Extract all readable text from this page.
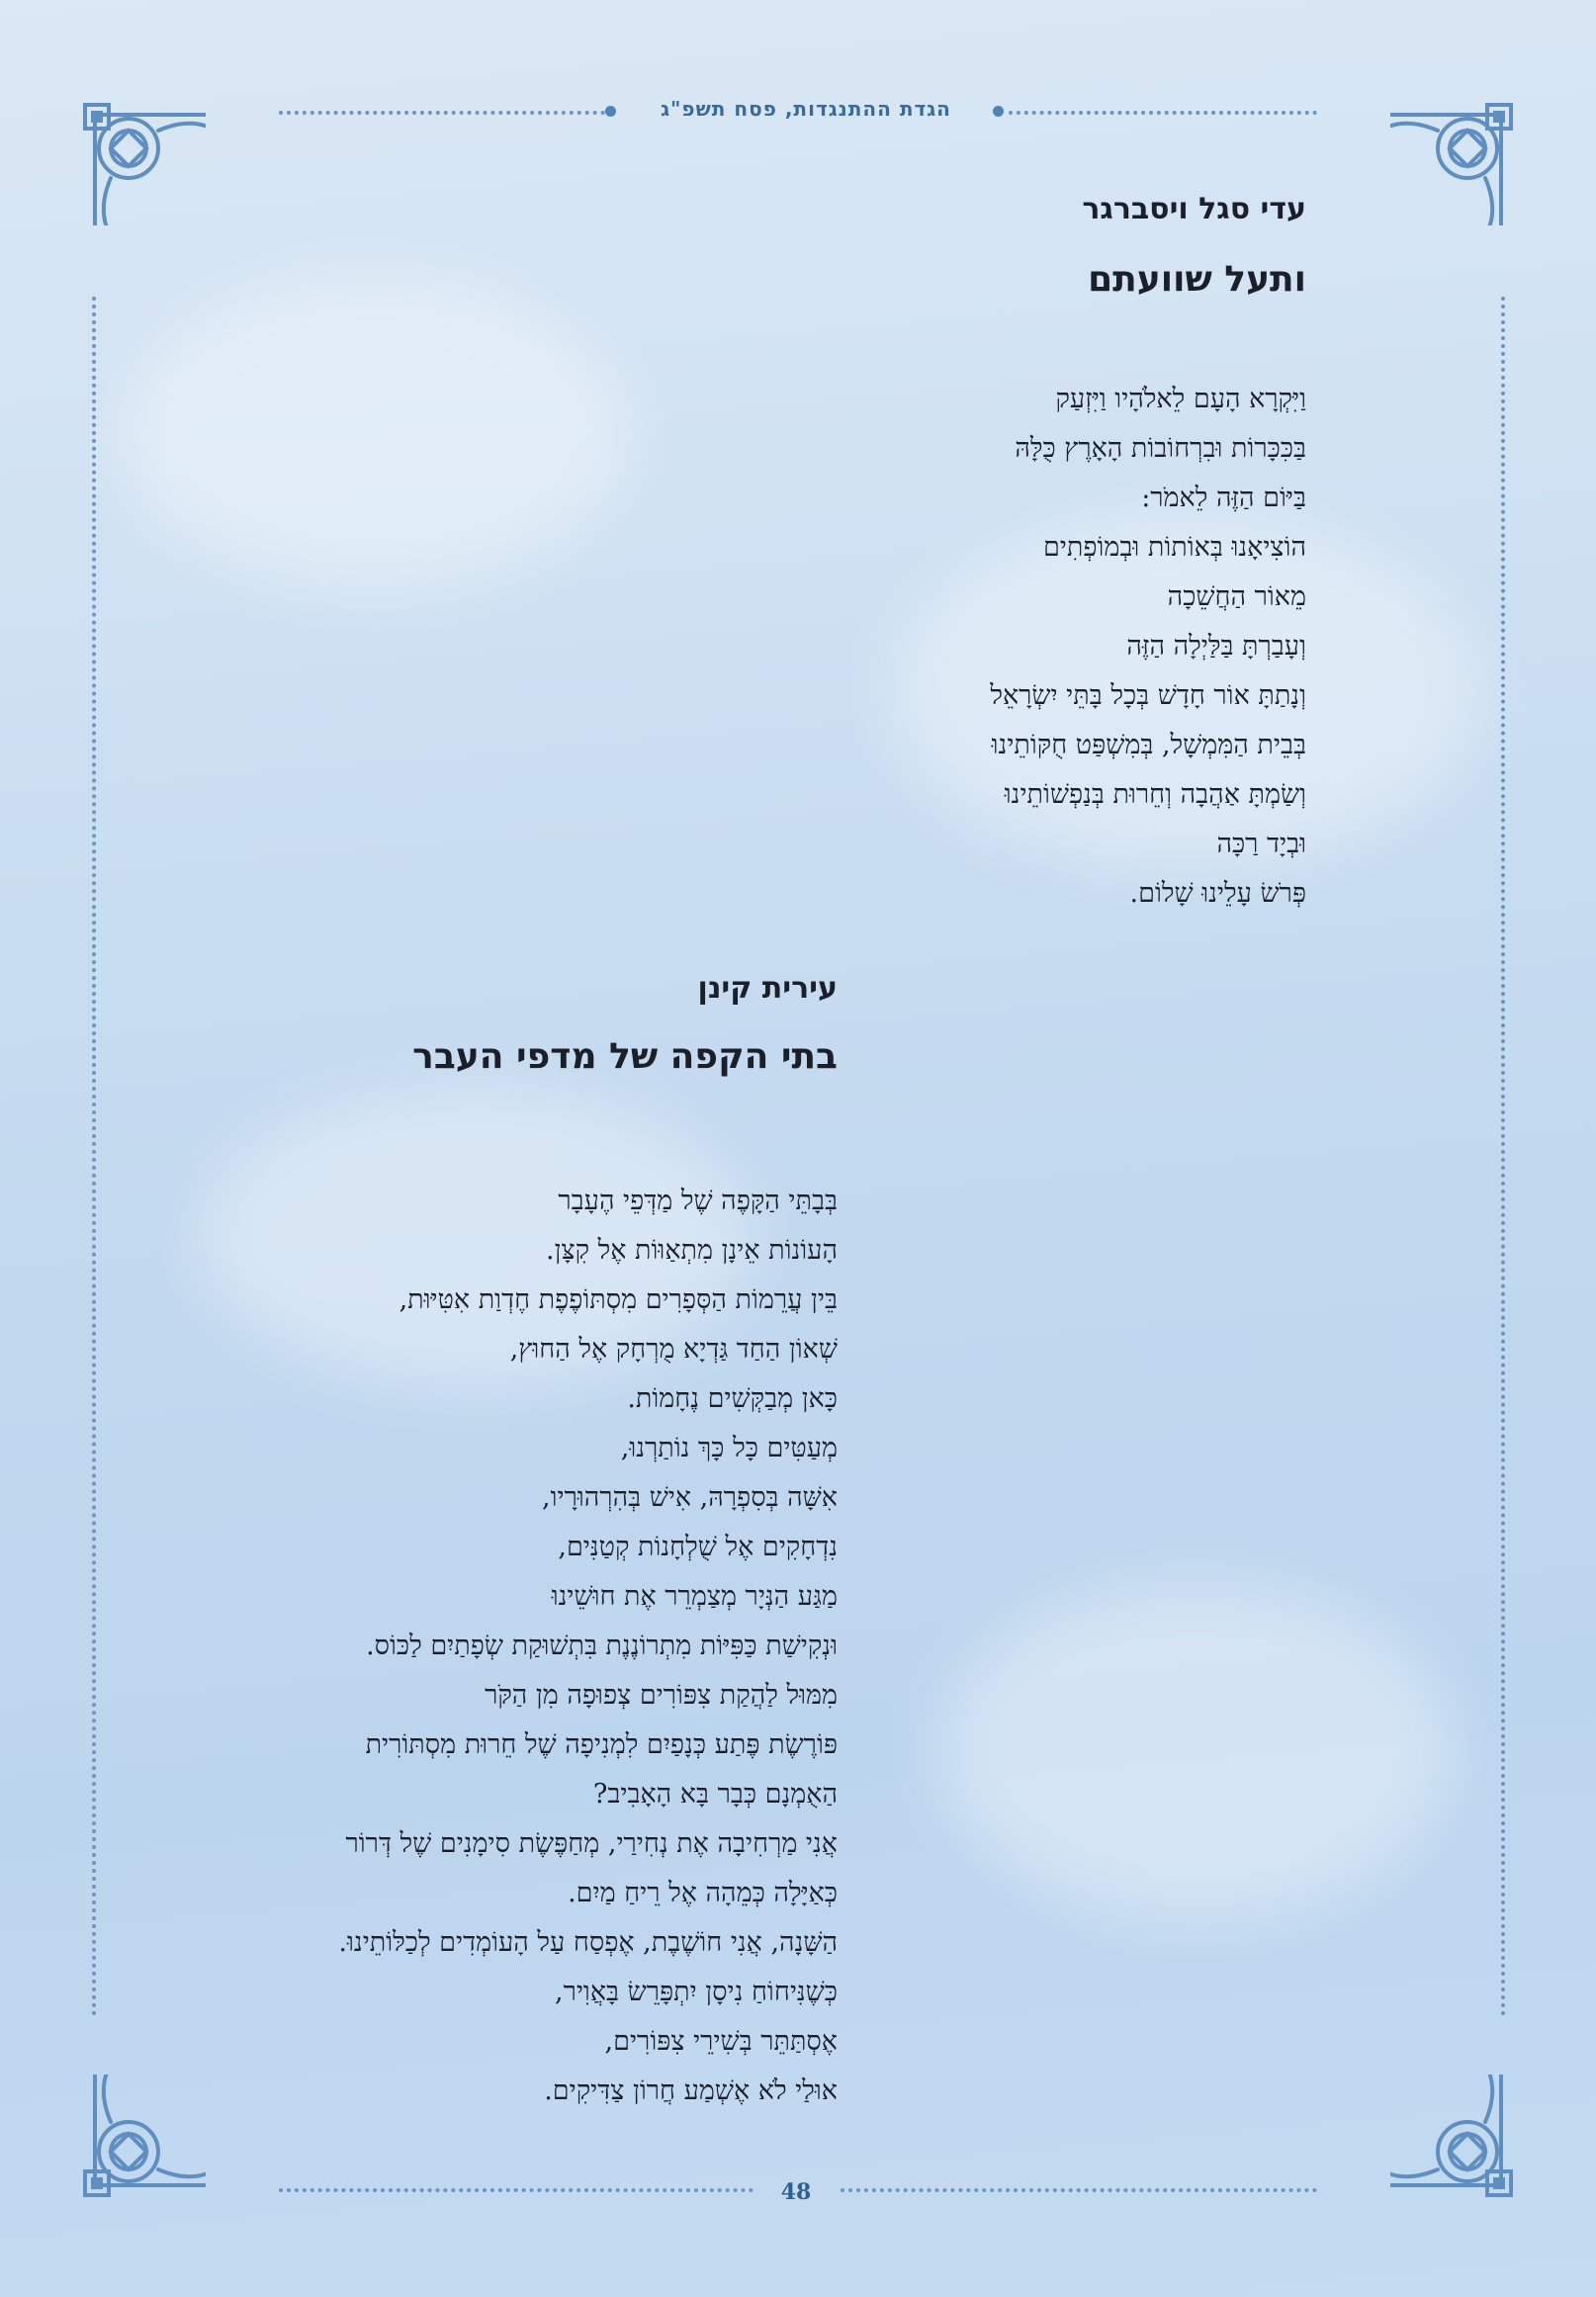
הגדת ההתנגדות, פסח תשפ"ג
48
עדי סגל ויסברגר
ותעל שוועתם
וַיִּקְרָא הָעָם לֵאלֹהָיו וַיִּזְעַק
בַּכִּכָּרוֹת וּבִרְחוֹבוֹת הָאָרֶץ כֻּלָּהּ
בַּיּוֹם הַזֶּה לֵאמֹר:
הוֹצִיאָנוּ בְּאוֹתוֹת וּבְמוֹפְתִים
מֵאוֹר הַחֲשֵׁכָה
וְעָבַרְתָּ בַּלַּיְלָה הַזֶּה
וְנָתַתָּ אוֹר חָדָשׁ בְּכָל בָּתֵּי יִשְׂרָאֵל
בְּבֵית הַמִּמְשָׁל, בְּמִשְׁפַּט חֻקּוֹתֵינוּ
וְשַׂמְתָּ אַהֲבָה וְחֵרוּת בְּנַפְשׁוֹתֵינוּ
וּבְיָד רַכָּה
פְּרֹשׂ עָלֵינוּ שָׁלוֹם.
עירית קינן
בתי הקפה של מדפי העבר
בְּבָתֵּי הַקָּפֶה שֶׁל מַדְּפֵי הֶעָבָר
הָעוֹנוֹת אֵינָן מִתְאַוּוֹת אֶל קִצָּן.
בֵּין עֲרֵמוֹת הַסְּפָרִים מִסְתּוֹפֶפֶת חֶדְוַת אִטִּיּוּת,
שְׁאוֹן הַחַד גַּדְיָא מֻרְחָק אֶל הַחוּץ,
כָּאן מְבַקְּשִׁים נֶחָמוֹת.
מְעַטִּים כָּל כָּךְ נוֹתַרְנוּ,
אִשָּׁה בְּסִפְרָהּ, אִישׁ בְּהִרְהוּרָיו,
נִדְחָקִים אֶל שֻׁלְחָנוֹת קְטַנִּים,
מַגַּע הַנְּיָר מְצַמְרֵר אֶת חוּשֵׁינוּ
וּנְקִישַׁת כַּפִּיּוֹת מִתְרוֹנֶנֶת בִּתְשׁוּקַת שְׂפָתַיִם לַכּוֹס.
מִמּוּל לַהֲקַת צִפּוֹרִים צְפוּפָה מִן הַקֹּר
פּוֹרֶשֶׂת פֶּתַע כְּנָפַיִם לִמְנִיפָה שֶׁל חֵרוּת מִסְתּוֹרִית
הַאֻמְנָם כְּבָר בָּא הָאָבִיב?
אֲנִי מַרְחִיבָה אֶת נְחִירַי, מְחַפֶּשֶׂת סִימָנִים שֶׁל דְּרוֹר
כְּאַיָּלָה כְּמֵהָה אֶל רֵיחַ מַיִם.
הַשָּׁנָה, אֲנִי חוֹשֶׁבֶת, אֶפְסַח עַל הָעוֹמְדִים לְכַלּוֹתֵינוּ.
כְּשֶׁנִּיחוֹחַ נִיסָן יִתְפָּרֵשׂ בָּאֲוִיר,
אֶסְתַּתֵּר בְּשִׁירֵי צִפּוֹרִים,
אוּלַי לֹא אֶשְׁמַע חֲרוֹן צַדִּיקִים.
